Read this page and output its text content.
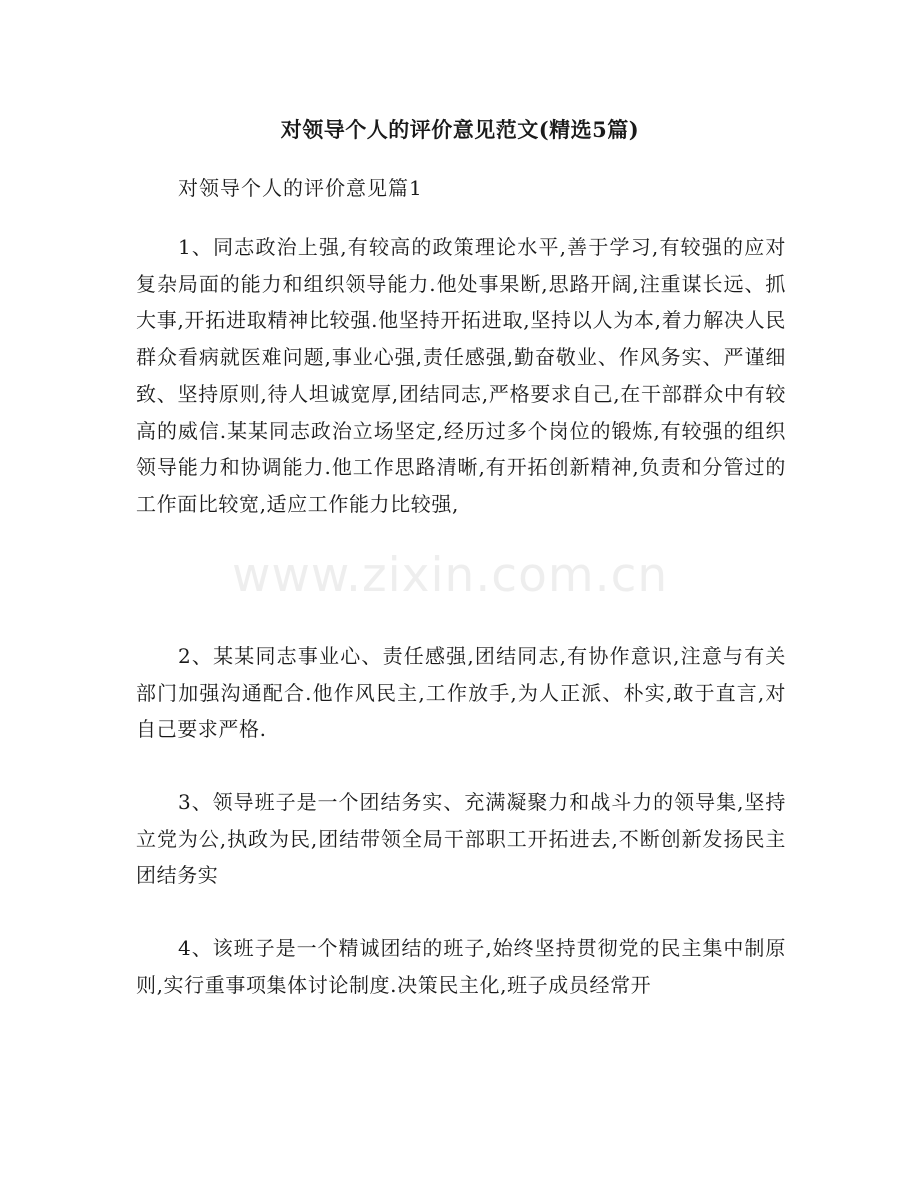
对领导个人的评价意见范文(精选5篇)

对领导个人的评价意见篇1

1、同志政治上强,有较高的政策理论水平,善于学习,有较强的应对复杂局面的能力和组织领导能力.他处事果断,思路开阔,注重谋长远、抓大事,开拓进取精神比较强.他坚持开拓进取,坚持以人为本,着力解决人民群众看病就医难问题,事业心强,责任感强,勤奋敬业、作风务实、严谨细致、坚持原则,待人坦诚宽厚,团结同志,严格要求自己,在干部群众中有较高的威信.某某同志政治立场坚定,经历过多个岗位的锻炼,有较强的组织领导能力和协调能力.他工作思路清晰,有开拓创新精神,负责和分管过的工作面比较宽,适应工作能力比较强,

2、某某同志事业心、责任感强,团结同志,有协作意识,注意与有关部门加强沟通配合.他作风民主,工作放手,为人正派、朴实,敢于直言,对自己要求严格.

3、领导班子是一个团结务实、充满凝聚力和战斗力的领导集,坚持立党为公,执政为民,团结带领全局干部职工开拓进去,不断创新发扬民主团结务实

4、该班子是一个精诚团结的班子,始终坚持贯彻党的民主集中制原则,实行重事项集体讨论制度.决策民主化,班子成员经常开

www.zixin.com.cn
